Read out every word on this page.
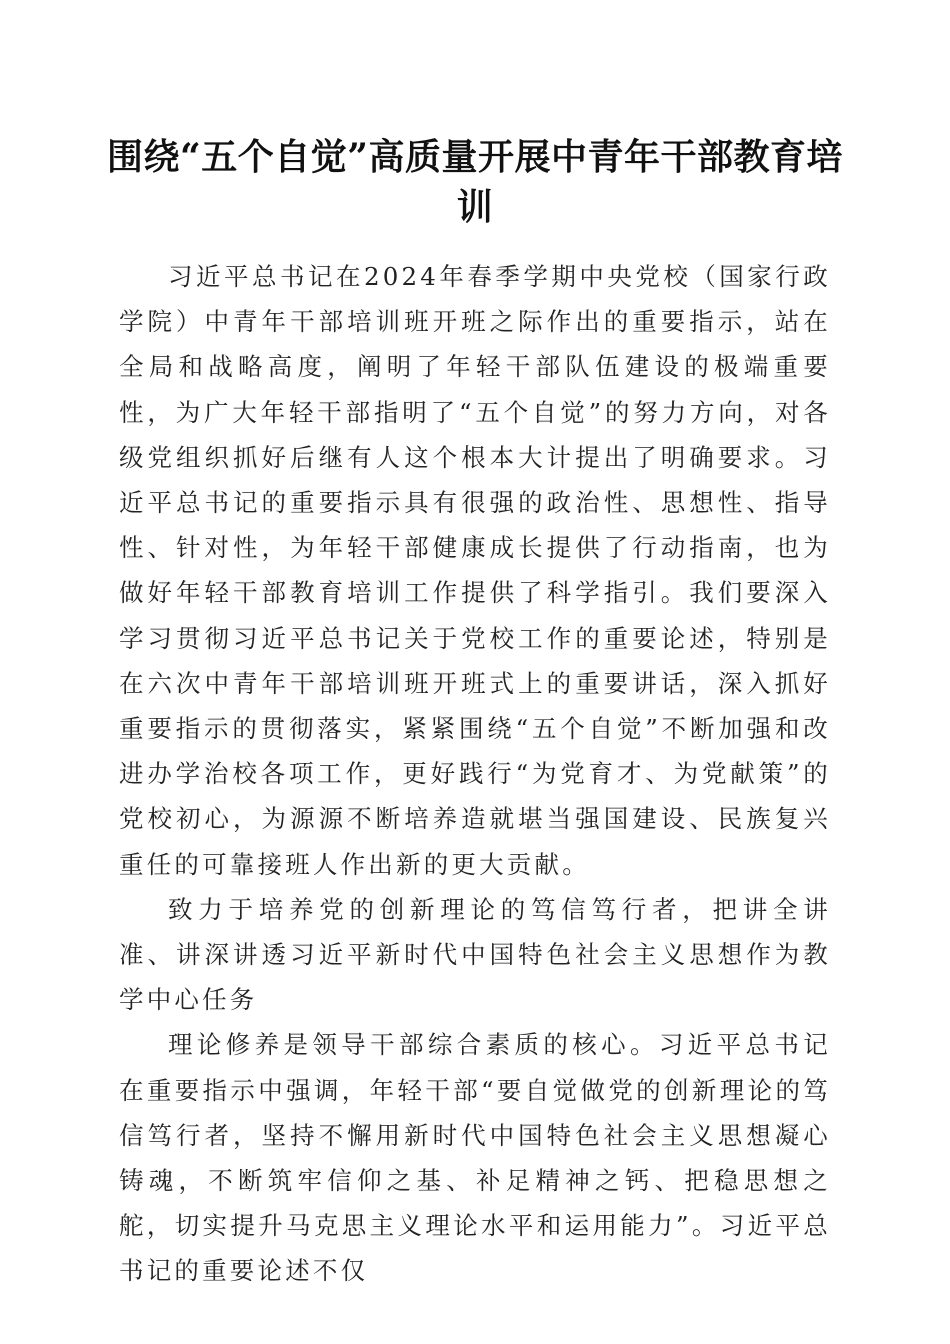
围绕“五个自觉”高质量开展中青年干部教育培训

习近平总书记在2024年春季学期中央党校（国家行政学院）中青年干部培训班开班之际作出的重要指示，站在全局和战略高度，阐明了年轻干部队伍建设的极端重要性，为广大年轻干部指明了“五个自觉”的努力方向，对各级党组织抓好后继有人这个根本大计提出了明确要求。习近平总书记的重要指示具有很强的政治性、思想性、指导性、针对性，为年轻干部健康成长提供了行动指南，也为做好年轻干部教育培训工作提供了科学指引。我们要深入学习贯彻习近平总书记关于党校工作的重要论述，特别是在六次中青年干部培训班开班式上的重要讲话，深入抓好重要指示的贯彻落实，紧紧围绕“五个自觉”不断加强和改进办学治校各项工作，更好践行“为党育才、为党献策”的党校初心，为源源不断培养造就堪当强国建设、民族复兴重任的可靠接班人作出新的更大贡献。

致力于培养党的创新理论的笃信笃行者，把讲全讲准、讲深讲透习近平新时代中国特色社会主义思想作为教学中心任务

理论修养是领导干部综合素质的核心。习近平总书记在重要指示中强调，年轻干部“要自觉做党的创新理论的笃信笃行者，坚持不懈用新时代中国特色社会主义思想凝心铸魂，不断筑牢信仰之基、补足精神之钙、把稳思想之舵，切实提升马克思主义理论水平和运用能力”。习近平总书记的重要论述不仅
